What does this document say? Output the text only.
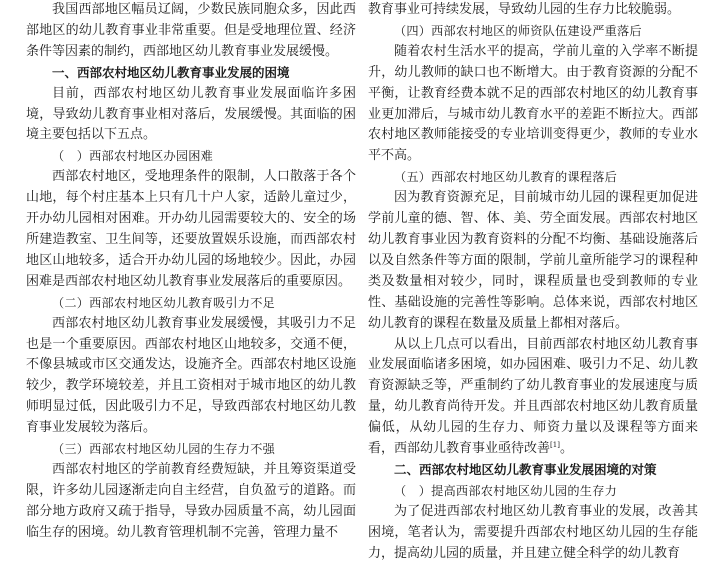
我国西部地区幅员辽阔，少数民族同胞众多，因此西部地区的幼儿教育事业非常重要。但是受地理位置、经济条件等因素的制约，西部地区幼儿教育事业发展缓慢。

一、西部农村地区幼儿教育事业发展的困境

目前，西部农村地区幼儿教育事业发展面临许多困境，导致幼儿教育事业相对落后，发展缓慢。其面临的困境主要包括以下五点。

（　）西部农村地区办园困难

西部农村地区，受地理条件的限制，人口散落于各个山地，每个村庄基本上只有几十户人家，适龄儿童过少，开办幼儿园相对困难。开办幼儿园需要较大的、安全的场所建造教室、卫生间等，还要放置娱乐设施，而西部农村地区山地较多，适合开办幼儿园的场地较少。因此，办园困难是西部农村地区幼儿教育事业发展落后的重要原因。

（二）西部农村地区幼儿教育吸引力不足

西部农村地区幼儿教育事业发展缓慢，其吸引力不足也是一个重要原因。西部农村地区山地较多，交通不便，不像县城或市区交通发达，设施齐全。西部农村地区设施较少，教学环境较差，并且工资相对于城市地区的幼儿教师明显过低，因此吸引力不足，导致西部农村地区幼儿教育事业发展较为落后。

（三）西部农村地区幼儿园的生存力不强

西部农村地区的学前教育经费短缺，并且筹资渠道受限，许多幼儿园逐渐走向自主经营，自负盈亏的道路。而部分地方政府又疏于指导，导致办园质量不高，幼儿园面临生存的困境。幼儿教育管理机制不完善，管理力量不

教育事业可持续发展，导致幼儿园的生存力比较脆弱。

（四）西部农村地区的师资队伍建设严重落后

随着农村生活水平的提高，学前儿童的入学率不断提升，幼儿教师的缺口也不断增大。由于教育资源的分配不平衡，让教育经费本就不足的西部农村地区的幼儿教育事业更加滞后，与城市幼儿教育水平的差距不断拉大。西部农村地区教师能接受的专业培训变得更少，教师的专业水平不高。

（五）西部农村地区幼儿教育的课程落后

因为教育资源充足，目前城市幼儿园的课程更加促进学前儿童的德、智、体、美、劳全面发展。西部农村地区幼儿教育事业因为教育资料的分配不均衡、基础设施落后以及自然条件等方面的限制，学前儿童所能学习的课程种类及数量相对较少，同时，课程质量也受到教师的专业性、基础设施的完善性等影响。总体来说，西部农村地区幼儿教育的课程在数量及质量上都相对落后。

从以上几点可以看出，目前西部农村地区幼儿教育事业发展面临诸多困境，如办园困难、吸引力不足、幼儿教育资源缺乏等，严重制约了幼儿教育事业的发展速度与质量，幼儿教育尚待开发。并且西部农村地区幼儿教育质量偏低，从幼儿园的生存力、师资力量以及课程等方面来看，西部幼儿教育事业亟待改善[1]。

二、西部农村地区幼儿教育事业发展困境的对策

（　）提高西部农村地区幼儿园的生存力

为了促进西部农村地区幼儿教育事业的发展，改善其困境，笔者认为，需要提升西部农村地区幼儿园的生存能力，提高幼儿园的质量，并且建立健全科学的幼儿教育
